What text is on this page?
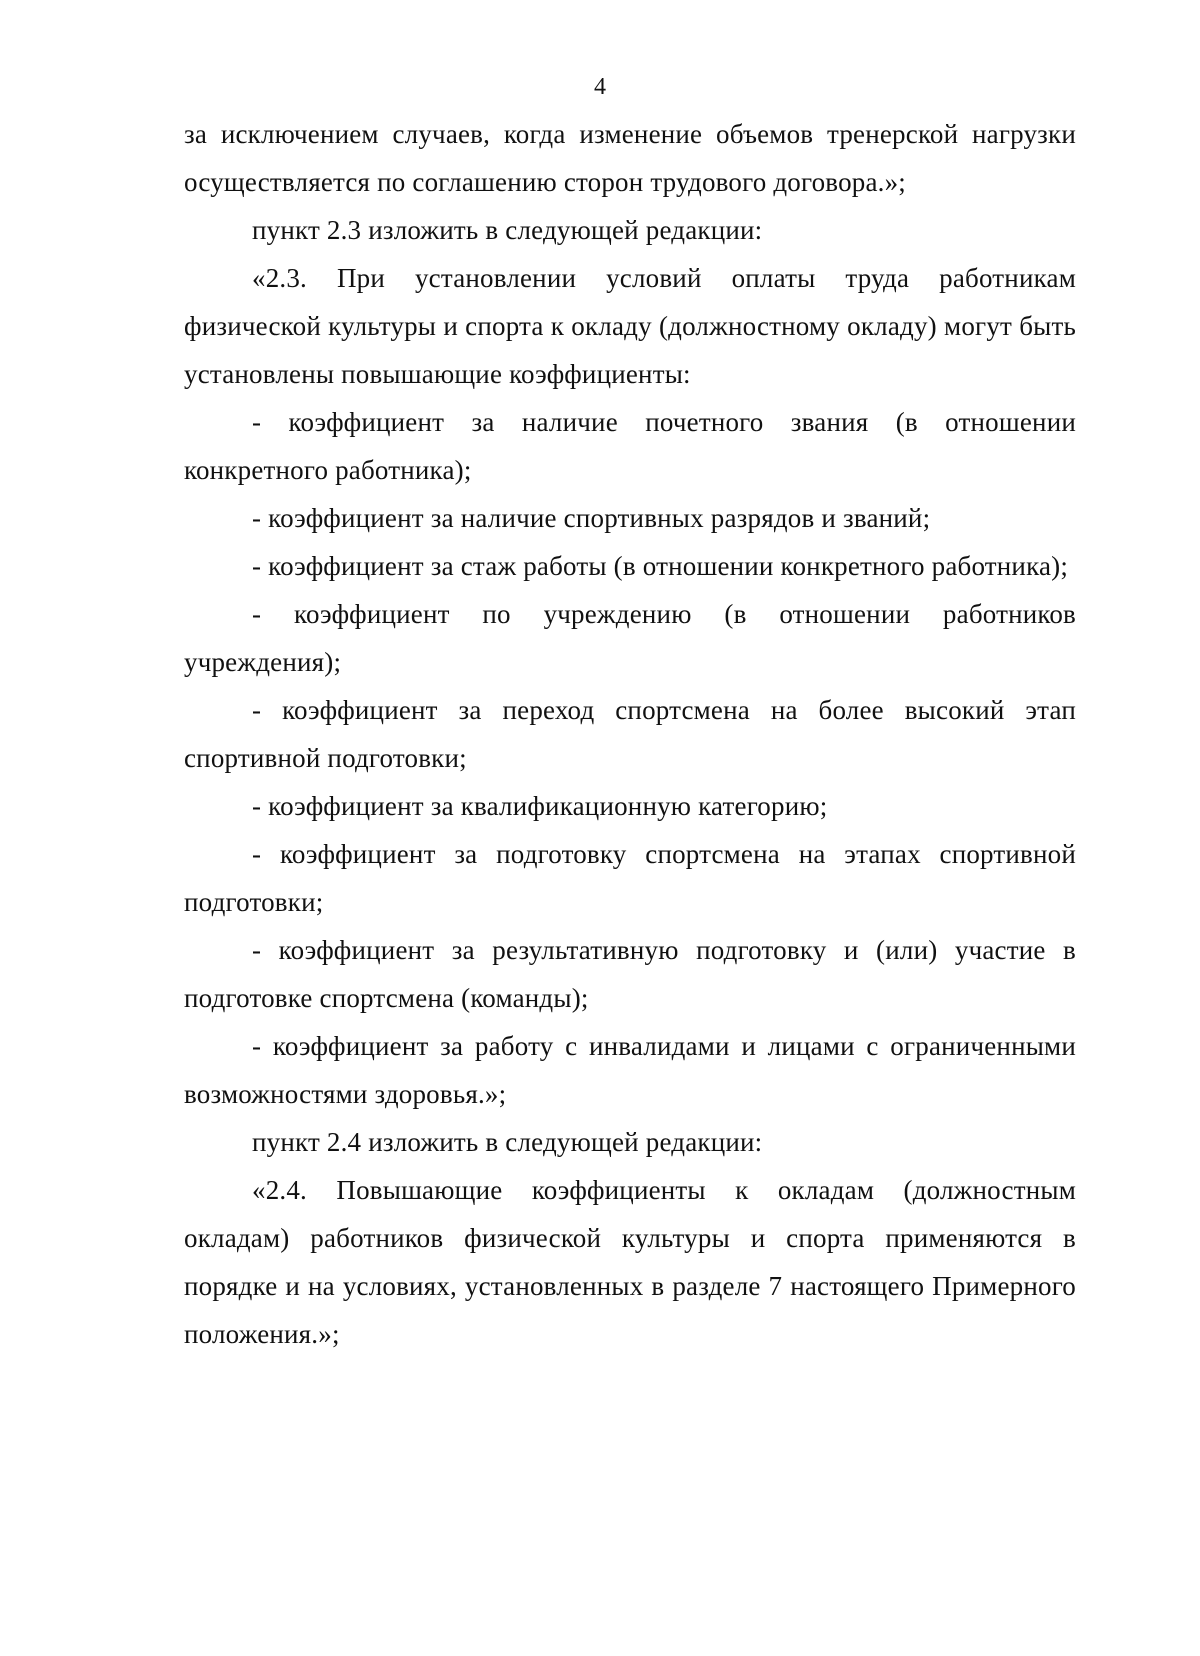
4

за исключением случаев, когда изменение объемов тренерской нагрузки осуществляется по соглашению сторон трудового договора.»;

пункт 2.3 изложить в следующей редакции:

«2.3. При установлении условий оплаты труда работникам физической культуры и спорта к окладу (должностному окладу) могут быть установлены повышающие коэффициенты:

- коэффициент за наличие почетного звания (в отношении конкретного работника);

- коэффициент за наличие спортивных разрядов и званий;

- коэффициент за стаж работы (в отношении конкретного работника);

- коэффициент по учреждению (в отношении работников учреждения);

- коэффициент за переход спортсмена на более высокий этап спортивной подготовки;

- коэффициент за квалификационную категорию;

- коэффициент за подготовку спортсмена на этапах спортивной подготовки;

- коэффициент за результативную подготовку и (или) участие в подготовке спортсмена (команды);

- коэффициент за работу с инвалидами и лицами с ограниченными возможностями здоровья.»;

пункт 2.4 изложить в следующей редакции:

«2.4. Повышающие коэффициенты к окладам (должностным окладам) работников физической культуры и спорта применяются в порядке и на условиях, установленных в разделе 7 настоящего Примерного положения.»;
